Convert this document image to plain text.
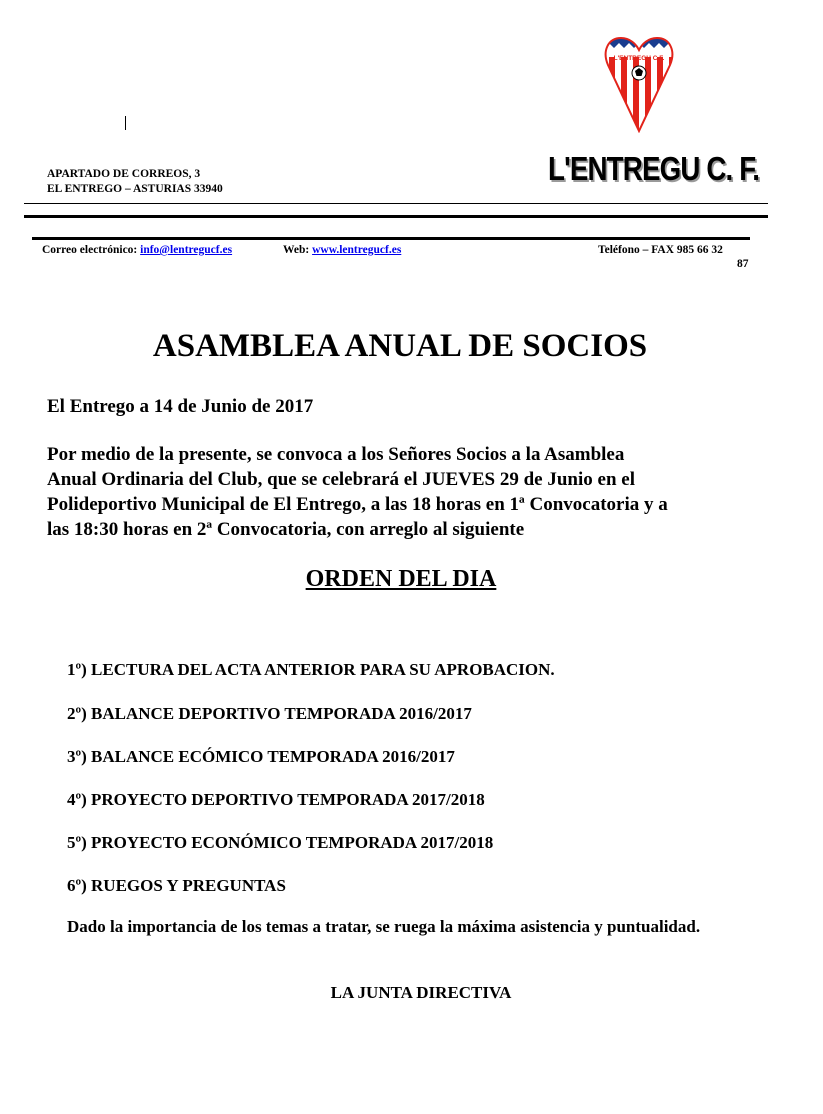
APARTADO DE CORREOS, 3
EL ENTREGO – ASTURIAS 33940
L'ENTREGU C.F.
L'ENTREGU C. F.
Correo electrónico: info@lentregucf.es	Web: www.lentregucf.es	Teléfono – FAX 985 66 32
87
ASAMBLEA ANUAL DE SOCIOS
El Entrego a 14 de Junio de 2017
Por medio de la presente, se convoca a los Señores Socios a la Asamblea
Anual Ordinaria del Club, que se celebrará el JUEVES 29 de Junio en el
Polideportivo Municipal de El Entrego, a las 18 horas en 1ª Convocatoria y a
las 18:30 horas en 2ª Convocatoria, con arreglo al siguiente
ORDEN DEL DIA
1º) LECTURA DEL ACTA ANTERIOR PARA SU APROBACION.
2º) BALANCE DEPORTIVO TEMPORADA 2016/2017
3º) BALANCE ECÓMICO TEMPORADA 2016/2017
4º) PROYECTO DEPORTIVO TEMPORADA 2017/2018
5º) PROYECTO ECONÓMICO TEMPORADA 2017/2018
6º) RUEGOS Y PREGUNTAS
Dado la importancia de los temas a tratar, se ruega la máxima asistencia y puntualidad.
LA JUNTA DIRECTIVA
